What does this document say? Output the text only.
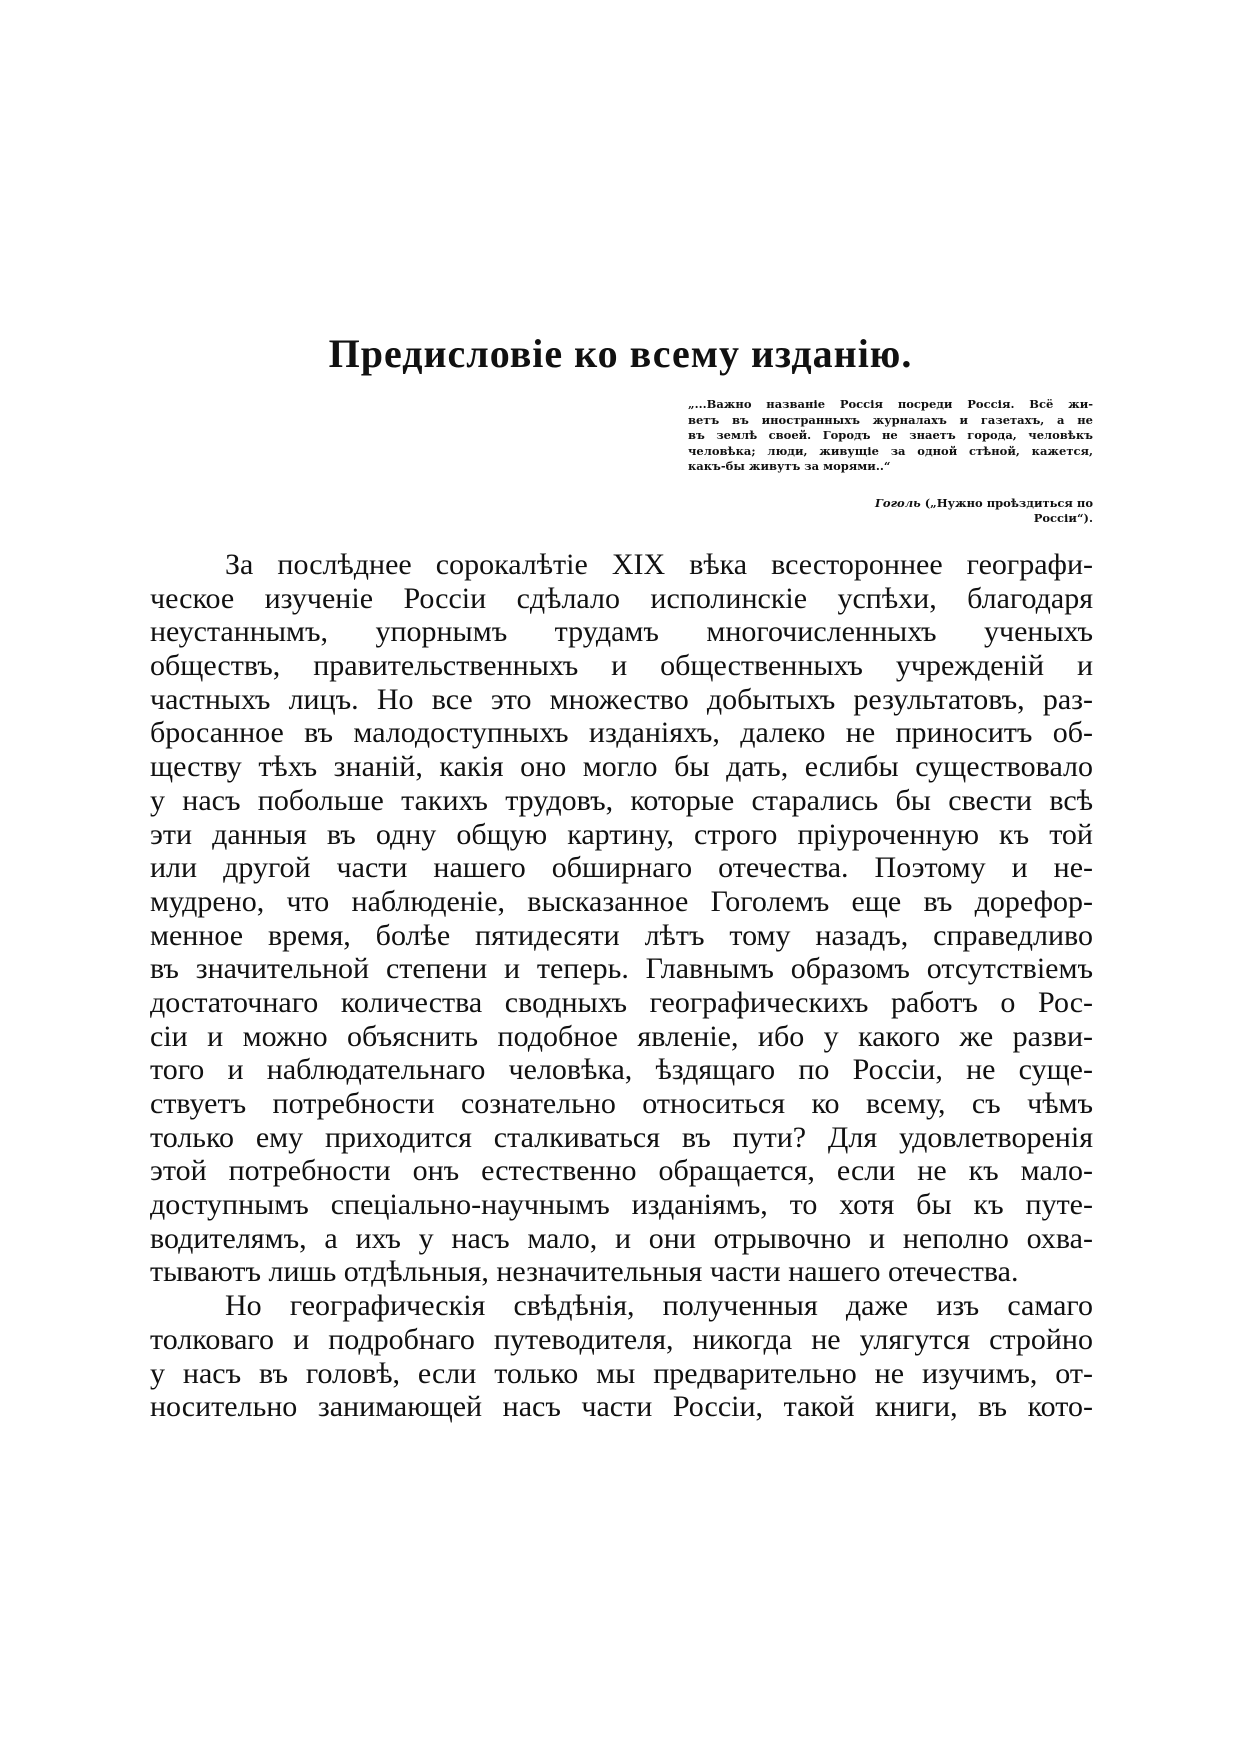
Предисловіе ко всему изданію.
„...Важно названіе Россія посреди Россія. Всё жи-
ветъ въ иностранныхъ журналахъ и газетахъ, а не
въ землѣ своей. Городъ не знаетъ города, человѣкъ
человѣка; люди, живущіе за одной стѣной, кажется,
какъ-бы живутъ за морями..“
Гоголь („Нужно проѣздиться по
Россіи“).
За послѣднее сорокалѣтіе XIX вѣка всестороннее географи-
ческое изученіе Россіи сдѣлало исполинскіе успѣхи, благодаря
неустаннымъ, упорнымъ трудамъ многочисленныхъ ученыхъ
обществъ, правительственныхъ и общественныхъ учрежденій и
частныхъ лицъ. Но все это множество добытыхъ результатовъ, раз-
бросанное въ малодоступныхъ изданіяхъ, далеко не приноситъ об-
ществу тѣхъ знаній, какія оно могло бы дать, еслибы существовало
у насъ побольше такихъ трудовъ, которые старались бы свести всѣ
эти данныя въ одну общую картину, строго пріуроченную къ той
или другой части нашего обширнаго отечества. Поэтому и не-
мудрено, что наблюденіе, высказанное Гоголемъ еще въ дорефор-
менное время, болѣе пятидесяти лѣтъ тому назадъ, справедливо
въ значительной степени и теперь. Главнымъ образомъ отсутствіемъ
достаточнаго количества сводныхъ географическихъ работъ о Рос-
сіи и можно объяснить подобное явленіе, ибо у какого же разви-
того и наблюдательнаго человѣка, ѣздящаго по Россіи, не суще-
ствуетъ потребности сознательно относиться ко всему, съ чѣмъ
только ему приходится сталкиваться въ пути? Для удовлетворенія
этой потребности онъ естественно обращается, если не къ мало-
доступнымъ спеціально-научнымъ изданіямъ, то хотя бы къ путе-
водителямъ, а ихъ у насъ мало, и они отрывочно и неполно охва-
тываютъ лишь отдѣльныя, незначительныя части нашего отечества.
Но географическія свѣдѣнія, полученныя даже изъ самаго
толковаго и подробнаго путеводителя, никогда не улягутся стройно
у насъ въ головѣ, если только мы предварительно не изучимъ, от-
носительно занимающей насъ части Россіи, такой книги, въ кото-
